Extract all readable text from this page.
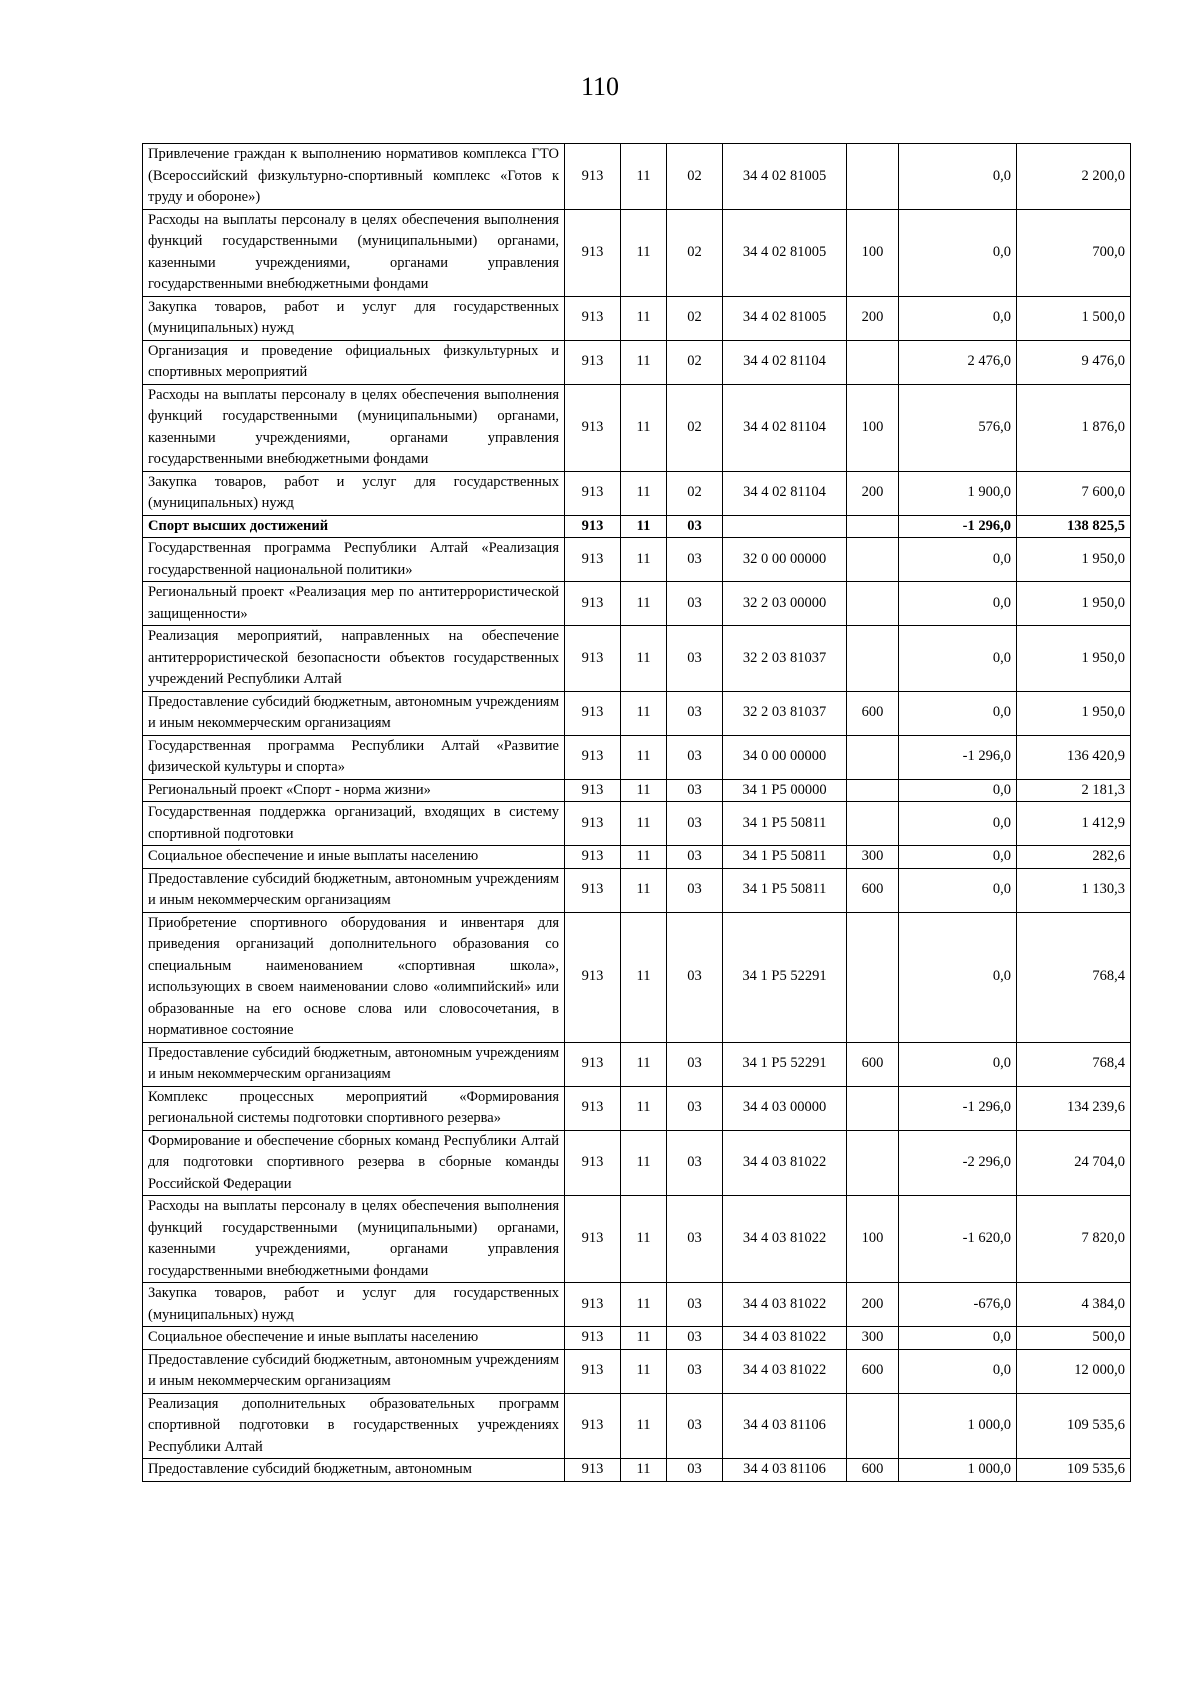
110
Привлечение граждан к выполнению нормативов комплекса ГТО (Всероссийский физкультурно-спортивный комплекс «Готов к труду и обороне»)	913	11	02	34 4 02 81005		0,0	2 200,0
Расходы на выплаты персоналу в целях обеспечения выполнения функций государственными (муниципальными) органами, казенными учреждениями, органами управления государственными внебюджетными фондами	913	11	02	34 4 02 81005	100	0,0	700,0
Закупка товаров, работ и услуг для государственных (муниципальных) нужд	913	11	02	34 4 02 81005	200	0,0	1 500,0
Организация и проведение официальных физкультурных и спортивных мероприятий	913	11	02	34 4 02 81104		2 476,0	9 476,0
Расходы на выплаты персоналу в целях обеспечения выполнения функций государственными (муниципальными) органами, казенными учреждениями, органами управления государственными внебюджетными фондами	913	11	02	34 4 02 81104	100	576,0	1 876,0
Закупка товаров, работ и услуг для государственных (муниципальных) нужд	913	11	02	34 4 02 81104	200	1 900,0	7 600,0
Спорт высших достижений	913	11	03			-1 296,0	138 825,5
Государственная программа Республики Алтай «Реализация государственной национальной политики»	913	11	03	32 0 00 00000		0,0	1 950,0
Региональный проект «Реализация мер по антитеррористической защищенности»	913	11	03	32 2 03 00000		0,0	1 950,0
Реализация мероприятий, направленных на обеспечение антитеррористической безопасности объектов государственных учреждений Республики Алтай	913	11	03	32 2 03 81037		0,0	1 950,0
Предоставление субсидий бюджетным, автономным учреждениям и иным некоммерческим организациям	913	11	03	32 2 03 81037	600	0,0	1 950,0
Государственная программа Республики Алтай «Развитие физической культуры и спорта»	913	11	03	34 0 00 00000		-1 296,0	136 420,9
Региональный проект «Спорт - норма жизни»	913	11	03	34 1 P5 00000		0,0	2 181,3
Государственная поддержка организаций, входящих в систему спортивной подготовки	913	11	03	34 1 P5 50811		0,0	1 412,9
Социальное обеспечение и иные выплаты населению	913	11	03	34 1 P5 50811	300	0,0	282,6
Предоставление субсидий бюджетным, автономным учреждениям и иным некоммерческим организациям	913	11	03	34 1 P5 50811	600	0,0	1 130,3
Приобретение спортивного оборудования и инвентаря для приведения организаций дополнительного образования со специальным наименованием «спортивная школа», использующих в своем наименовании слово «олимпийский» или образованные на его основе слова или словосочетания, в нормативное состояние	913	11	03	34 1 P5 52291		0,0	768,4
Предоставление субсидий бюджетным, автономным учреждениям и иным некоммерческим организациям	913	11	03	34 1 P5 52291	600	0,0	768,4
Комплекс процессных мероприятий «Формирования региональной системы подготовки спортивного резерва»	913	11	03	34 4 03 00000		-1 296,0	134 239,6
Формирование и обеспечение сборных команд Республики Алтай для подготовки спортивного резерва в сборные команды Российской Федерации	913	11	03	34 4 03 81022		-2 296,0	24 704,0
Расходы на выплаты персоналу в целях обеспечения выполнения функций государственными (муниципальными) органами, казенными учреждениями, органами управления государственными внебюджетными фондами	913	11	03	34 4 03 81022	100	-1 620,0	7 820,0
Закупка товаров, работ и услуг для государственных (муниципальных) нужд	913	11	03	34 4 03 81022	200	-676,0	4 384,0
Социальное обеспечение и иные выплаты населению	913	11	03	34 4 03 81022	300	0,0	500,0
Предоставление субсидий бюджетным, автономным учреждениям и иным некоммерческим организациям	913	11	03	34 4 03 81022	600	0,0	12 000,0
Реализация дополнительных образовательных программ спортивной подготовки в государственных учреждениях Республики Алтай	913	11	03	34 4 03 81106		1 000,0	109 535,6
Предоставление субсидий бюджетным, автономным	913	11	03	34 4 03 81106	600	1 000,0	109 535,6
